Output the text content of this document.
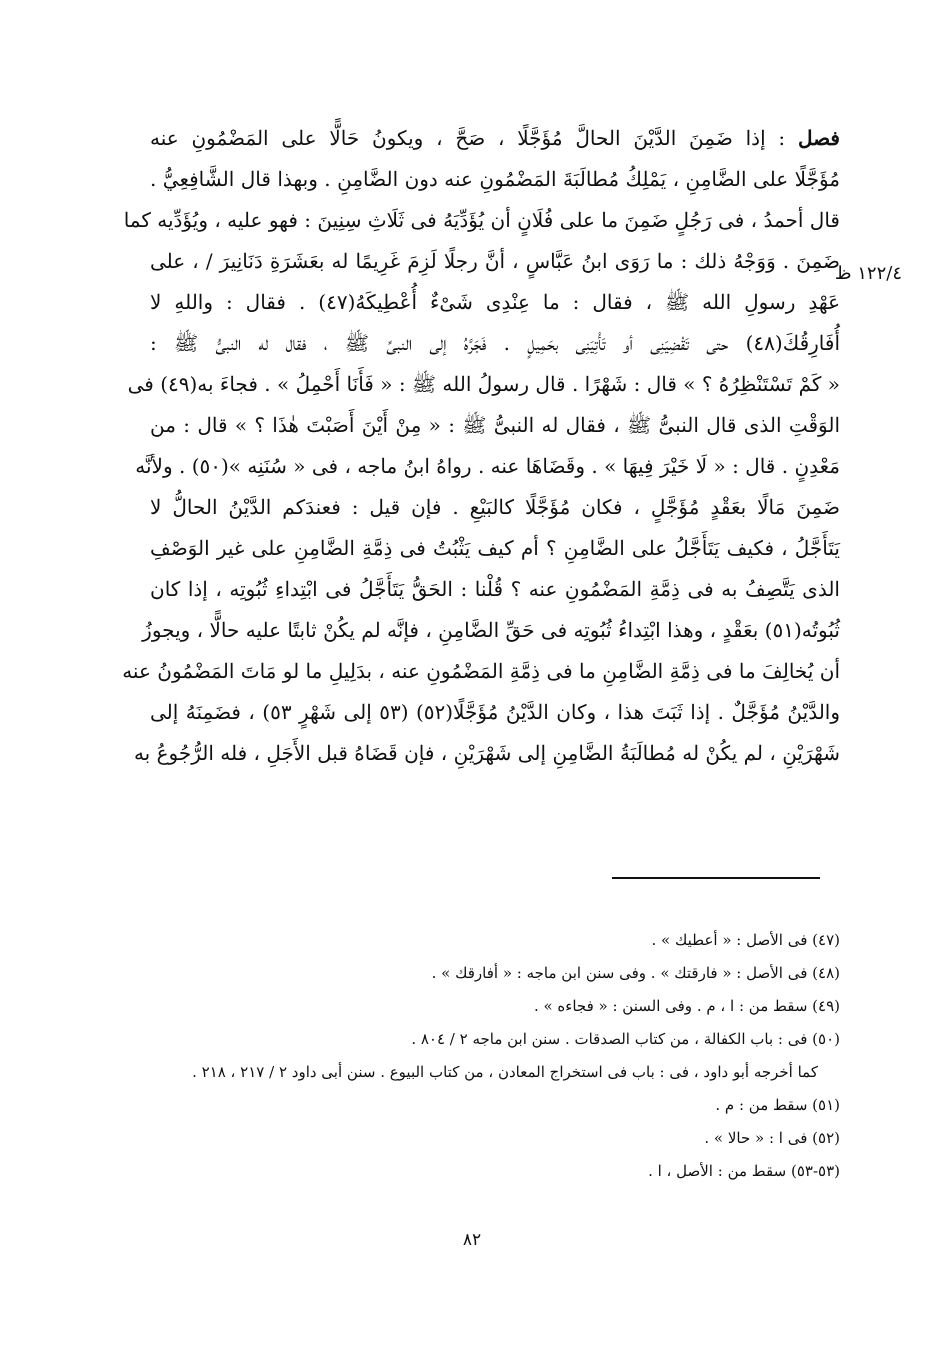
١٢٢/٤ ظ
فصل : إذا ضَمِنَ الدَّيْنَ الحالَّ مُؤَجَّلًا ، صَحَّ ، ويكونُ حَالًّا على المَضْمُونِ عنه
مُؤَجَّلًا على الضَّامِنِ ، يَمْلِكُ مُطالَبَةَ المَضْمُونِ عنه دون الضَّامِنِ . وبهذا قال الشَّافِعِيُّ .
قال أحمدُ ، فى رَجُلٍ ضَمِنَ ما على فُلَانٍ أن يُؤَدِّيَهُ فى ثَلَاثِ سِنِينَ : فهو عليه ، ويُؤَدِّيه كما
ضَمِنَ . وَوَجْهُ ذلك : ما رَوَى ابنُ عَبَّاسٍ ، أنَّ رجلًا لَزِمَ غَرِيمًا له بعَشَرَةِ دَنَانِيرَ / ، على
عَهْدِ رسولِ الله ﷺ ، فقال : ما عِنْدِى شَىْءٌ أُعْطِيكَهُ(٤٧) . فقال : واللهِ لا
أُفَارِقُكَ(٤٨) حتى تَقْضِيَنِى أو تَأْتِيَنِى بحَمِيلٍ . فَجَرَّهُ إلى النبىِّ ﷺ ، فقال له النبىُّ ﷺ :
« كَمْ تَسْتَنْظِرُهُ ؟ » قال : شَهْرًا . قال رسولُ الله ﷺ : « فَأَنَا أَحْمِلُ » . فجاءَ به(٤٩) فى
الوَقْتِ الذى قال النبىُّ ﷺ ، فقال له النبىُّ ﷺ : « مِنْ أَيْنَ أَصَبْتَ هٰذَا ؟ » قال : من
مَعْدِنٍ . قال : « لَا خَيْرَ فِيهَا » . وقَضَاهَا عنه . رواهُ ابنُ ماجه ، فى « سُنَنِه »(٥٠) . ولأنَّه
ضَمِنَ مَالًا بعَقْدٍ مُؤَجَّلٍ ، فكان مُؤَجَّلًا كالبَيْعِ . فإن قيل : فعندَكم الدَّيْنُ الحالُّ لا
يَتَأَجَّلُ ، فكيف يَتَأَجَّلُ على الضَّامِنِ ؟ أم كيف يَثْبُتُ فى ذِمَّةِ الضَّامِنِ على غير الوَصْفِ
الذى يَتَّصِفُ به فى ذِمَّةِ المَضْمُونِ عنه ؟ قُلْنا : الحَقُّ يَتَأَجَّلُ فى ابْتِداءِ ثُبُوتِه ، إذا كان
ثُبُوتُه(٥١) بعَقْدٍ ، وهذا ابْتِداءُ ثُبُوتِه فى حَقِّ الضَّامِنِ ، فإنَّه لم يكُنْ ثابتًا عليه حالًّا ، ويجوزُ
أن يُخالِفَ ما فى ذِمَّةِ الضَّامِنِ ما فى ذِمَّةِ المَضْمُونِ عنه ، بدَلِيلِ ما لو مَاتَ المَضْمُونُ عنه
والدَّيْنُ مُؤَجَّلٌ . إذا ثَبَتَ هذا ، وكان الدَّيْنُ مُؤَجَّلًا(٥٢) (٥٣ إلى شَهْرٍ ٥٣) ، فضَمِنَهُ إلى
شَهْرَيْنِ ، لم يكُنْ له مُطالَبَةُ الضَّامِنِ إلى شَهْرَيْنِ ، فإن قَضَاهُ قبل الأَجَلِ ، فله الرُّجُوعُ به
(٤٧) فى الأصل : « أعطيك » .
(٤٨) فى الأصل : « فارقتك » . وفى سنن ابن ماجه : « أفارقك » .
(٤٩) سقط من : ا ، م . وفى السنن : « فجاءه » .
(٥٠) فى : باب الكفالة ، من كتاب الصدقات . سنن ابن ماجه ٢ / ٨٠٤ .
كما أخرجه أبو داود ، فى : باب فى استخراج المعادن ، من كتاب البيوع . سنن أبى داود ٢ / ٢١٧ ، ٢١٨ .
(٥١) سقط من : م .
(٥٢) فى ا : « حالا » .
(٥٣-٥٣) سقط من : الأصل ، ا .
٨٢
